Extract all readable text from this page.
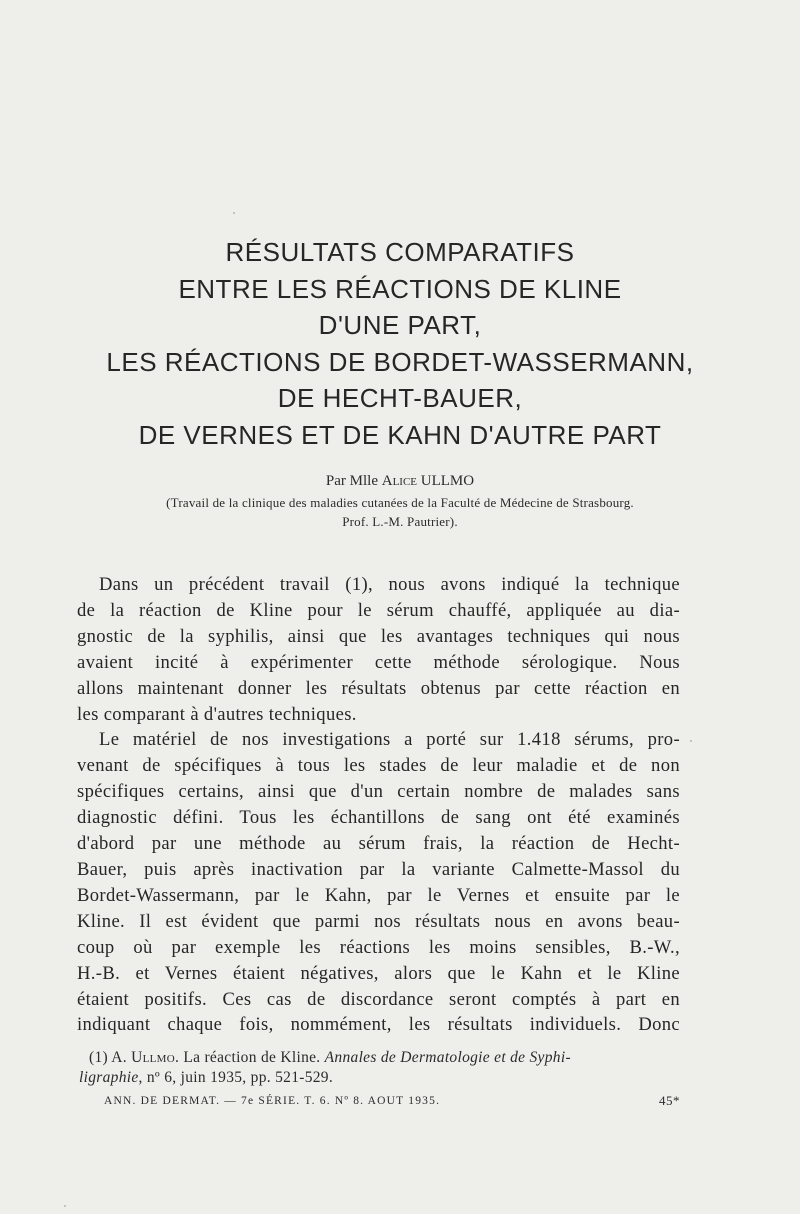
RÉSULTATS COMPARATIFS
ENTRE LES RÉACTIONS DE KLINE
D'UNE PART,
LES RÉACTIONS DE BORDET-WASSERMANN,
DE HECHT-BAUER,
DE VERNES ET DE KAHN D'AUTRE PART
Par Mlle Alice ULLMO
(Travail de la clinique des maladies cutanées de la Faculté de Médecine de Strasbourg.
Prof. L.-M. Pautrier).

Dans un précédent travail (1), nous avons indiqué la technique

de la réaction de Kline pour le sérum chauffé, appliquée au dia-

gnostic de la syphilis, ainsi que les avantages techniques qui nous

avaient incité à expérimenter cette méthode sérologique. Nous

allons maintenant donner les résultats obtenus par cette réaction en

les comparant à d'autres techniques.

Le matériel de nos investigations a porté sur 1.418 sérums, pro-

venant de spécifiques à tous les stades de leur maladie et de non

spécifiques certains, ainsi que d'un certain nombre de malades sans

diagnostic défini. Tous les échantillons de sang ont été examinés

d'abord par une méthode au sérum frais, la réaction de Hecht-

Bauer, puis après inactivation par la variante Calmette-Massol du

Bordet-Wassermann, par le Kahn, par le Vernes et ensuite par le

Kline. Il est évident que parmi nos résultats nous en avons beau-

coup où par exemple les réactions les moins sensibles, B.-W.,

H.-B. et Vernes étaient négatives, alors que le Kahn et le Kline

étaient positifs. Ces cas de discordance seront comptés à part en

indiquant chaque fois, nommément, les résultats individuels. Donc

(1) A. Ullmo. La réaction de Kline. Annales de Dermatologie et de Syphi-
ligraphie, nº 6, juin 1935, pp. 521-529.
ANN. DE DERMAT. — 7e SÉRIE. T. 6. Nº 8. AOUT 1935.	45*
